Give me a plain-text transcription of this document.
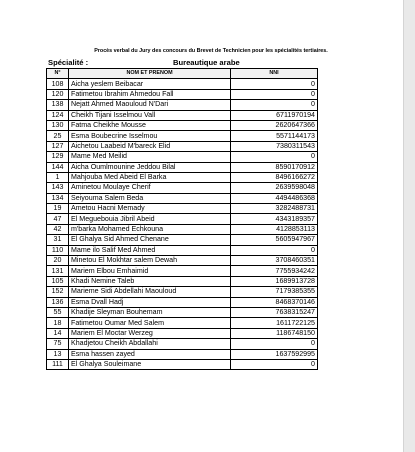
Procès verbal du Jury des concours du Brevet de Technicien pour les spécialités tertiaires.
Spécialité :	Bureautique arabe
N°	NOM ET PRENOM	NNI
108	Aicha yeslem Beibacar	0
120	Fatimetou Ibrahim Ahmedou Fall	0
138	Nejatt Ahmed Maouloud N'Dari	0
124	Cheikh Tijani Isselmou Vall	6711970194
130	Fatma Cheikhe Mousse	2620647366
25	Esma Boubecrine Isselmou	5571144173
127	Aichetou Laabeid M'bareck Elid	7380311543
129	Mame Med Meilid	0
144	Aicha Oumlmounine Jeddou Bilal	8590170912
1	Mahjouba Med Abeid El Barka	8496166272
143	Aminetou Moulaye Cherif	2639598048
134	Seiyouma Salem Beda	4494486368
19	Ametou Hacni Memady	3282488731
47	El Meguebouia Jibril Abeid	4343189357
42	m'barka Mohamed Echkouna	4128853113
31	El Ghalya Sid Ahmed Chenane	5605947967
110	Mame ilo Salif Med Ahmed	0
20	Minetou El Mokhtar salem Dewah	3708460351
131	Mariem Elbou Emhaimid	7755934242
105	Khadi Nemine Taleb	1689913728
152	Marieme Sidi Abdellahi Maouloud	7179385355
136	Esma Dvall Hadj	8468370146
55	Khadije Sleyman Bouhemam	7638315247
18	Fatimetou Oumar Med Salem	1611722125
14	Mariem El Moctar Werzeg	1186748150
75	Khadjetou Cheikh Abdallahi	0
13	Esma hassen zayed	1637592995
111	El Ghalya Souleimane	0
